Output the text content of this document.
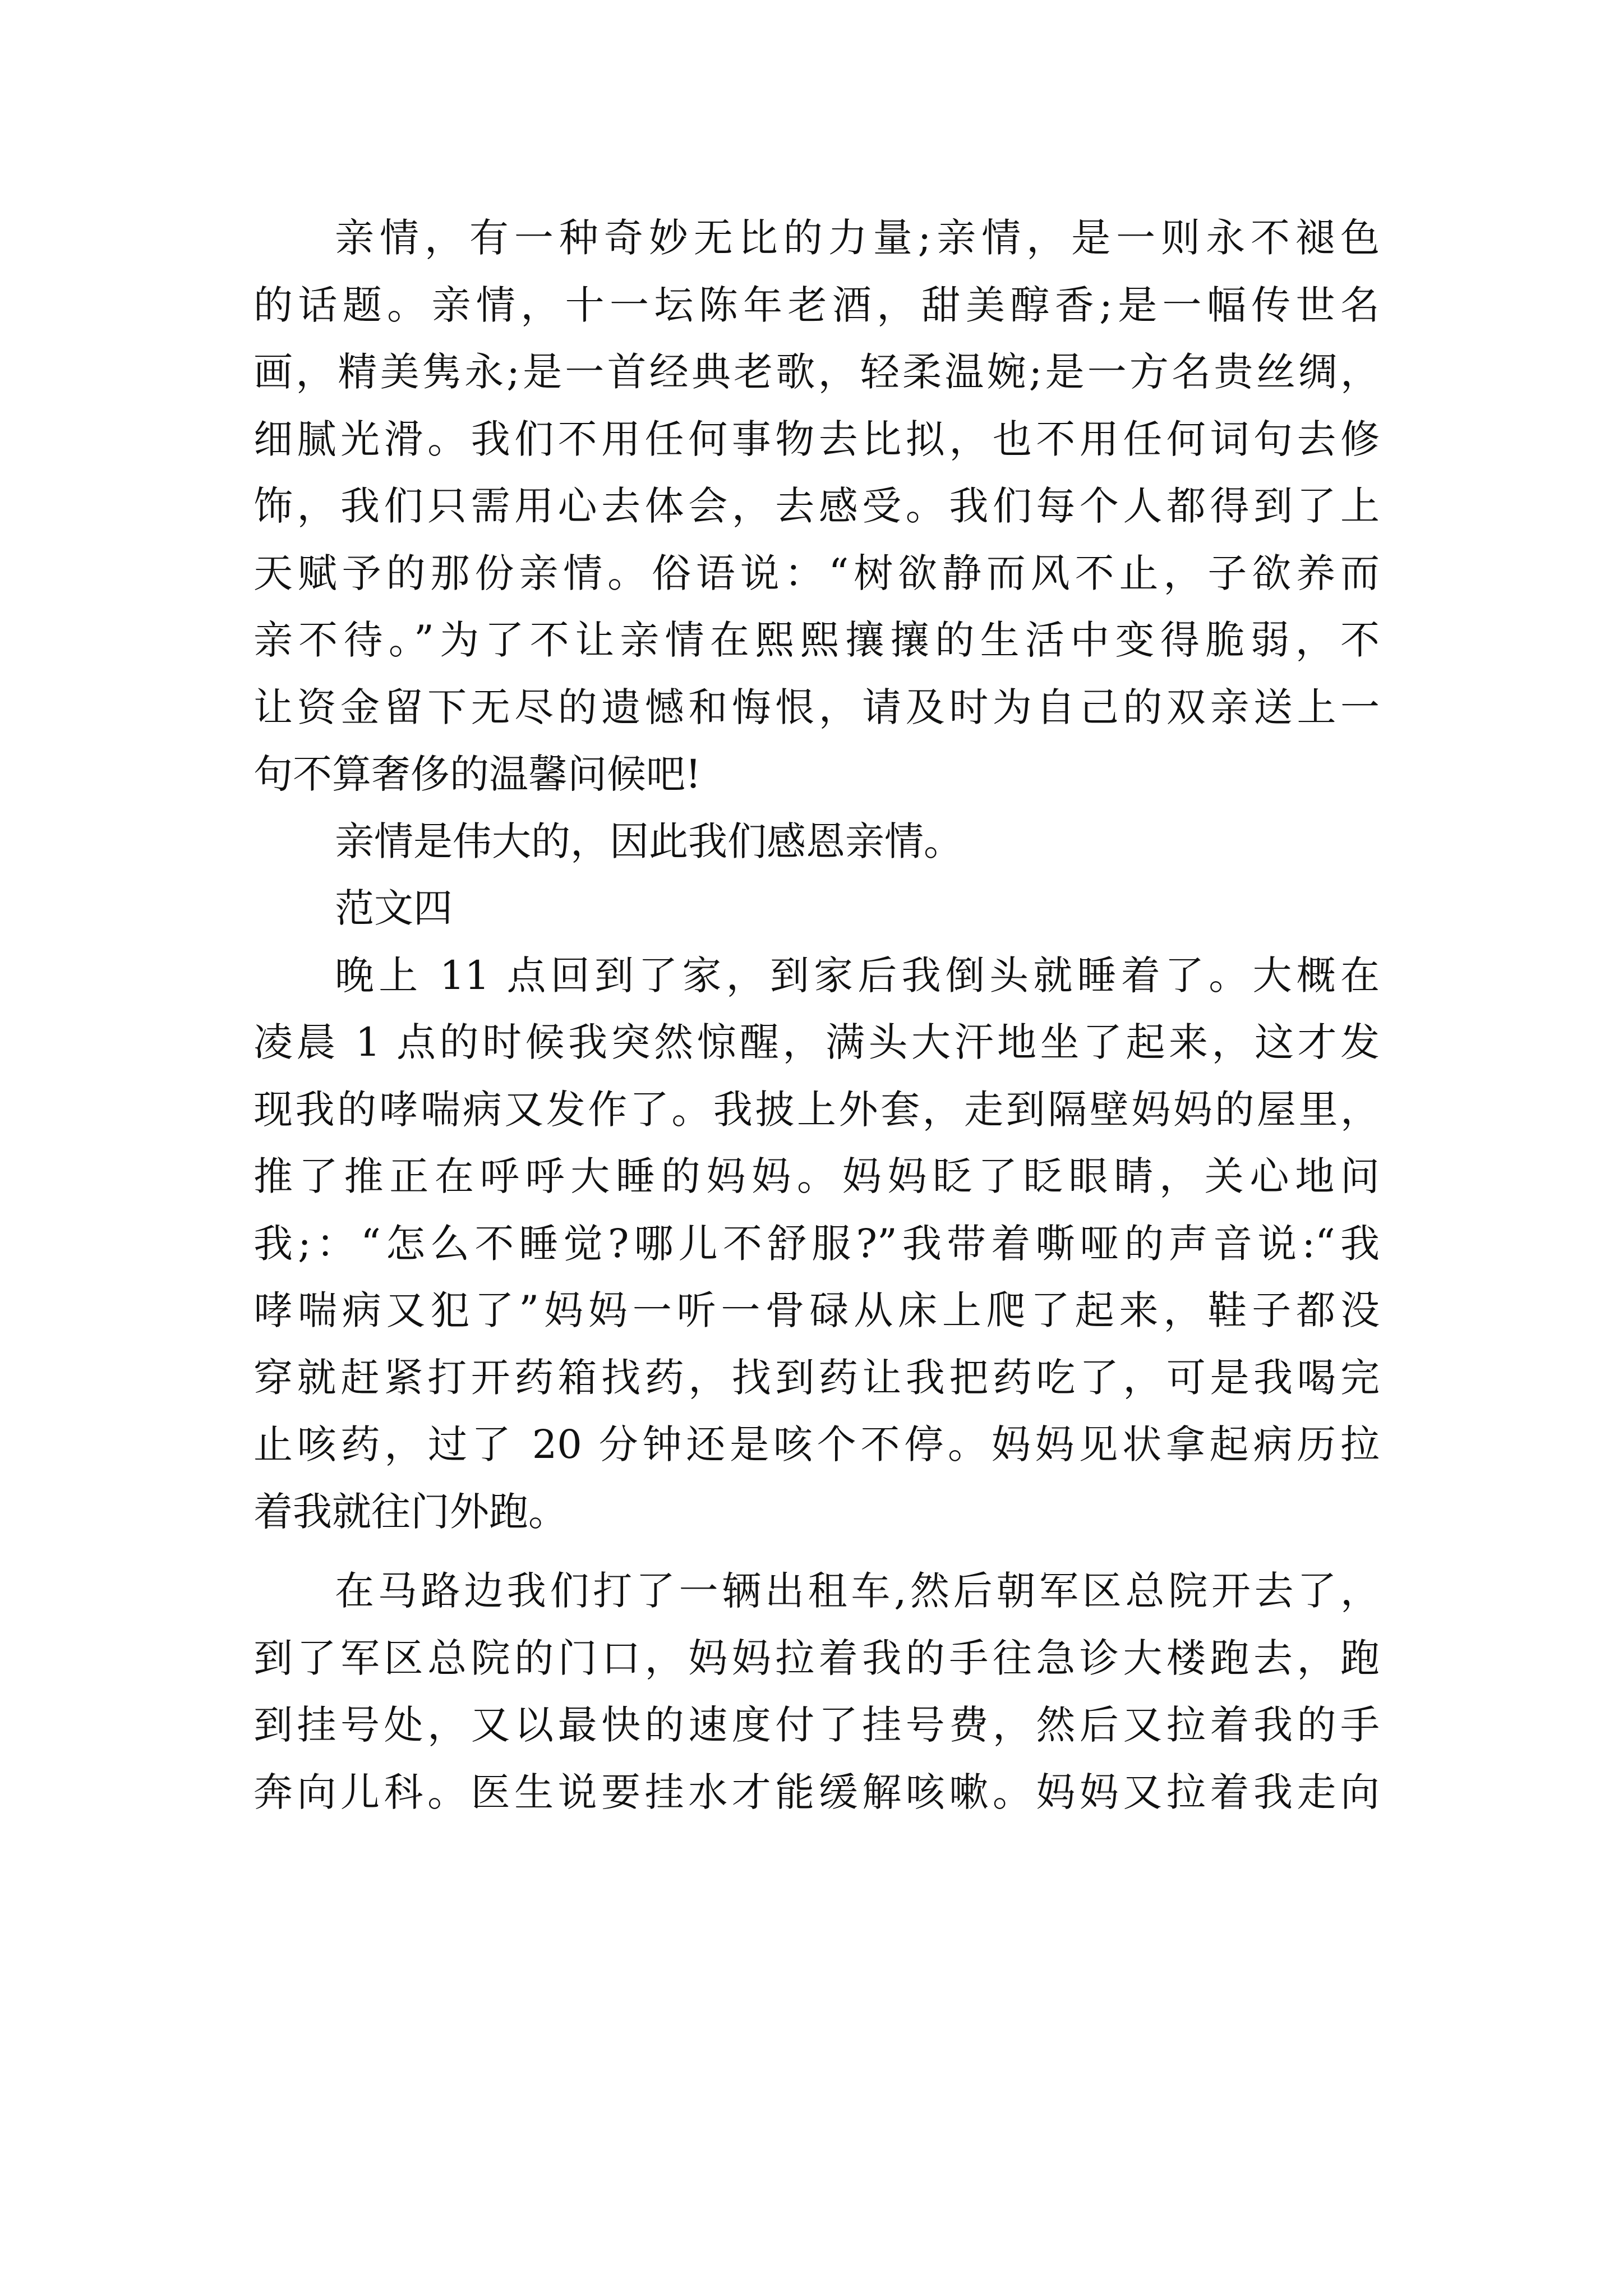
亲情，有一种奇妙无比的力量;亲情，是一则永不褪色
的话题。亲情，十一坛陈年老酒，甜美醇香;是一幅传世名
画，精美隽永;是一首经典老歌，轻柔温婉;是一方名贵丝绸，
细腻光滑。我们不用任何事物去比拟，也不用任何词句去修
饰，我们只需用心去体会，去感受。我们每个人都得到了上
天赋予的那份亲情。俗语说：“树欲静而风不止，子欲养而
亲不待。”为了不让亲情在熙熙攘攘的生活中变得脆弱，不
让资金留下无尽的遗憾和悔恨，请及时为自己的双亲送上一
句不算奢侈的温馨问候吧!
亲情是伟大的，因此我们感恩亲情。
范文四
晚上 11 点回到了家，到家后我倒头就睡着了。大概在
凌晨 1 点的时候我突然惊醒，满头大汗地坐了起来，这才发
现我的哮喘病又发作了。我披上外套，走到隔壁妈妈的屋里，
推了推正在呼呼大睡的妈妈。妈妈眨了眨眼睛，关心地问
我;：“怎么不睡觉?哪儿不舒服?”我带着嘶哑的声音说:“我
哮喘病又犯了”妈妈一听一骨碌从床上爬了起来，鞋子都没
穿就赶紧打开药箱找药，找到药让我把药吃了，可是我喝完
止咳药，过了 20 分钟还是咳个不停。妈妈见状拿起病历拉
着我就往门外跑。
在马路边我们打了一辆出租车,然后朝军区总院开去了，
到了军区总院的门口，妈妈拉着我的手往急诊大楼跑去，跑
到挂号处，又以最快的速度付了挂号费，然后又拉着我的手
奔向儿科。医生说要挂水才能缓解咳嗽。妈妈又拉着我走向
